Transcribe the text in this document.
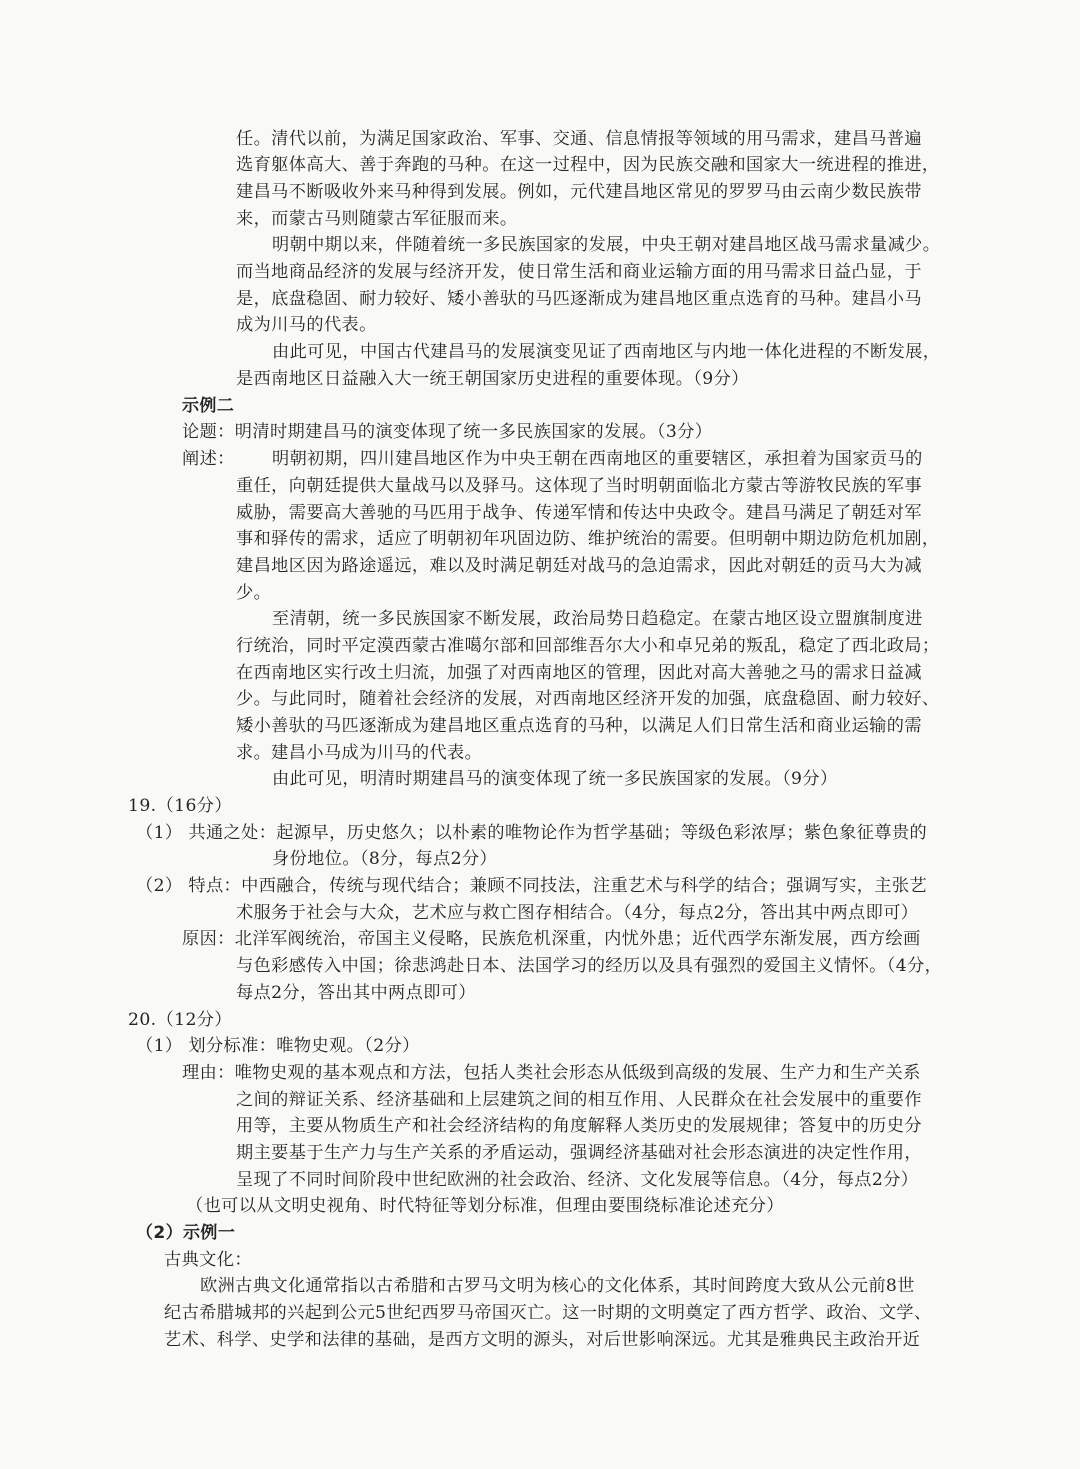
任。清代以前，为满足国家政治、军事、交通、信息情报等领域的用马需求，建昌马普遍
选育躯体高大、善于奔跑的马种。在这一过程中，因为民族交融和国家大一统进程的推进，
建昌马不断吸收外来马种得到发展。例如，元代建昌地区常见的罗罗马由云南少数民族带
来，而蒙古马则随蒙古军征服而来。
明朝中期以来，伴随着统一多民族国家的发展，中央王朝对建昌地区战马需求量减少。
而当地商品经济的发展与经济开发，使日常生活和商业运输方面的用马需求日益凸显，于
是，底盘稳固、耐力较好、矮小善驮的马匹逐渐成为建昌地区重点选育的马种。建昌小马
成为川马的代表。
由此可见，中国古代建昌马的发展演变见证了西南地区与内地一体化进程的不断发展，
是西南地区日益融入大一统王朝国家历史进程的重要体现。（9分）
示例二
论题：明清时期建昌马的演变体现了统一多民族国家的发展。（3分）
阐述： 明朝初期，四川建昌地区作为中央王朝在西南地区的重要辖区，承担着为国家贡马的
重任，向朝廷提供大量战马以及驿马。这体现了当时明朝面临北方蒙古等游牧民族的军事
威胁，需要高大善驰的马匹用于战争、传递军情和传达中央政令。建昌马满足了朝廷对军
事和驿传的需求，适应了明朝初年巩固边防、维护统治的需要。但明朝中期边防危机加剧，
建昌地区因为路途遥远，难以及时满足朝廷对战马的急迫需求，因此对朝廷的贡马大为减
少。
至清朝，统一多民族国家不断发展，政治局势日趋稳定。在蒙古地区设立盟旗制度进
行统治，同时平定漠西蒙古准噶尔部和回部维吾尔大小和卓兄弟的叛乱，稳定了西北政局；
在西南地区实行改土归流，加强了对西南地区的管理，因此对高大善驰之马的需求日益减
少。与此同时，随着社会经济的发展，对西南地区经济开发的加强，底盘稳固、耐力较好、
矮小善驮的马匹逐渐成为建昌地区重点选育的马种，以满足人们日常生活和商业运输的需
求。建昌小马成为川马的代表。
由此可见，明清时期建昌马的演变体现了统一多民族国家的发展。（9分）
19.（16分）
（1） 共通之处：起源早，历史悠久；以朴素的唯物论作为哲学基础；等级色彩浓厚；紫色象征尊贵的
身份地位。（8分，每点2分）
（2） 特点：中西融合，传统与现代结合；兼顾不同技法，注重艺术与科学的结合；强调写实，主张艺
术服务于社会与大众，艺术应与救亡图存相结合。（4分，每点2分，答出其中两点即可）
原因：北洋军阀统治，帝国主义侵略，民族危机深重，内忧外患；近代西学东渐发展，西方绘画
与色彩感传入中国；徐悲鸿赴日本、法国学习的经历以及具有强烈的爱国主义情怀。（4分，
每点2分，答出其中两点即可）
20.（12分）
（1） 划分标准：唯物史观。（2分）
理由：唯物史观的基本观点和方法，包括人类社会形态从低级到高级的发展、生产力和生产关系
之间的辩证关系、经济基础和上层建筑之间的相互作用、人民群众在社会发展中的重要作
用等，主要从物质生产和社会经济结构的角度解释人类历史的发展规律；答复中的历史分
期主要基于生产力与生产关系的矛盾运动，强调经济基础对社会形态演进的决定性作用，
呈现了不同时间阶段中世纪欧洲的社会政治、经济、文化发展等信息。（4分，每点2分）
（也可以从文明史视角、时代特征等划分标准，但理由要围绕标准论述充分）
（2）示例一
古典文化：
欧洲古典文化通常指以古希腊和古罗马文明为核心的文化体系，其时间跨度大致从公元前8世
纪古希腊城邦的兴起到公元5世纪西罗马帝国灭亡。这一时期的文明奠定了西方哲学、政治、文学、
艺术、科学、史学和法律的基础，是西方文明的源头，对后世影响深远。尤其是雅典民主政治开近
